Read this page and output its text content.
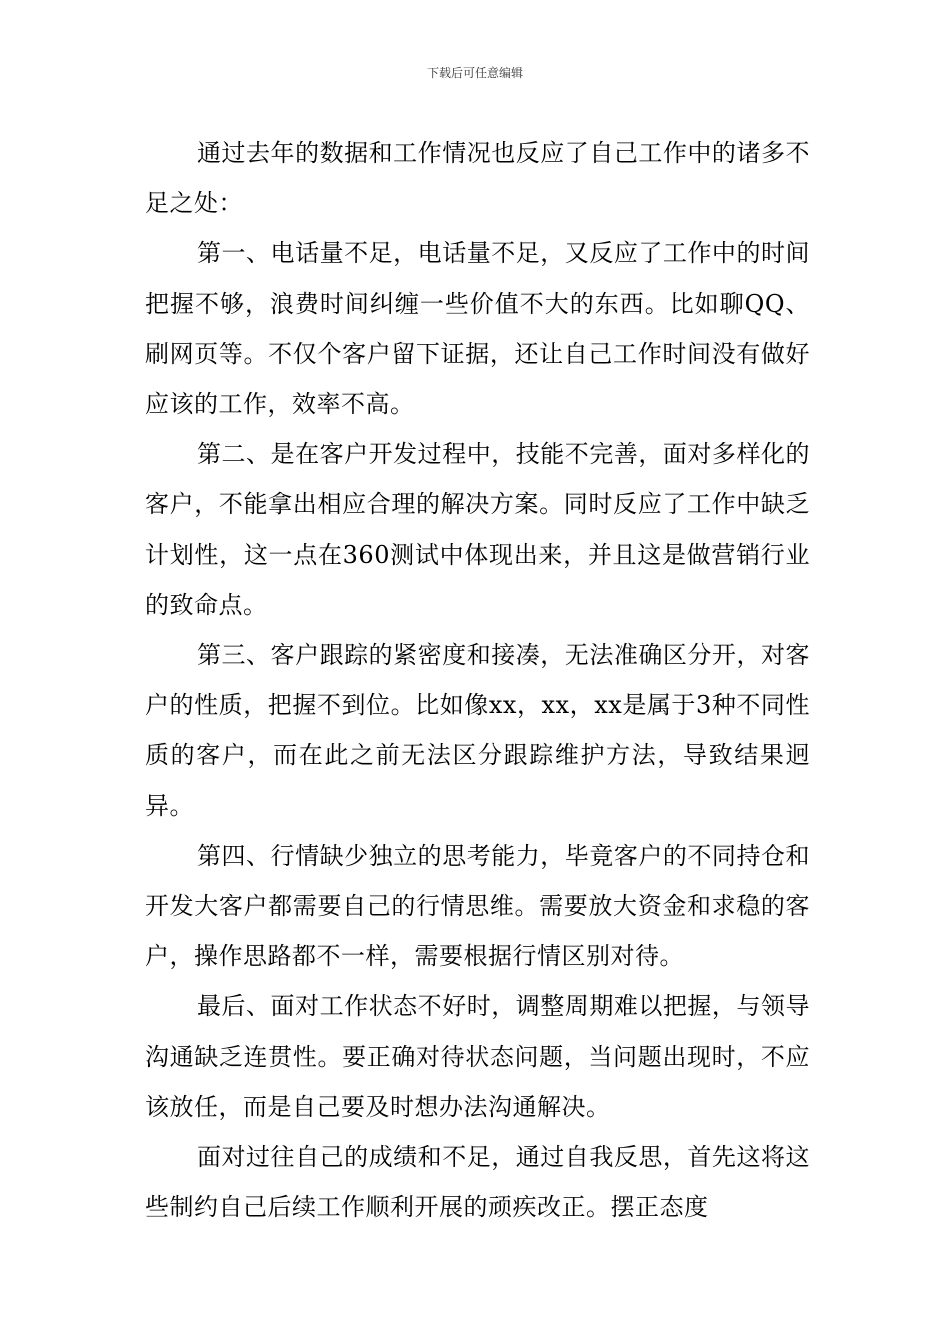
下载后可任意编辑

通过去年的数据和工作情况也反应了自己工作中的诸多不足之处：

第一、电话量不足，电话量不足，又反应了工作中的时间把握不够，浪费时间纠缠一些价值不大的东西。比如聊QQ、刷网页等。不仅个客户留下证据，还让自己工作时间没有做好应该的工作，效率不高。

第二、是在客户开发过程中，技能不完善，面对多样化的客户，不能拿出相应合理的解决方案。同时反应了工作中缺乏计划性，这一点在360测试中体现出来，并且这是做营销行业的致命点。

第三、客户跟踪的紧密度和接凑，无法准确区分开，对客户的性质，把握不到位。比如像xx，xx，xx是属于3种不同性质的客户，而在此之前无法区分跟踪维护方法，导致结果迥异。

第四、行情缺少独立的思考能力，毕竟客户的不同持仓和开发大客户都需要自己的行情思维。需要放大资金和求稳的客户，操作思路都不一样，需要根据行情区别对待。

最后、面对工作状态不好时，调整周期难以把握，与领导沟通缺乏连贯性。要正确对待状态问题，当问题出现时，不应该放任，而是自己要及时想办法沟通解决。

面对过往自己的成绩和不足，通过自我反思，首先这将这些制约自己后续工作顺利开展的顽疾改正。摆正态度
